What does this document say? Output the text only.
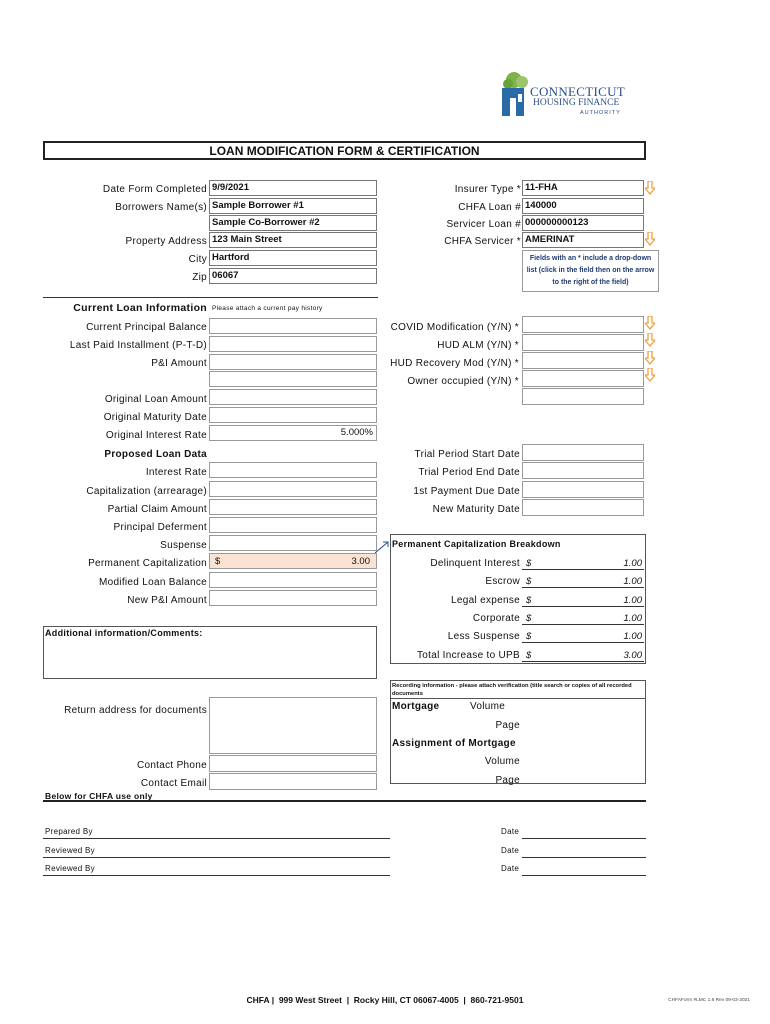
CONNECTICUT
HOUSING FINANCE
AUTHORITY
LOAN MODIFICATION FORM & CERTIFICATION
Date Form Completed 9/9/2021
Borrowers Name(s) Sample Borrower #1
Sample Co-Borrower #2
Property Address 123 Main Street
City Hartford
Zip 06067
Insurer Type * 11-FHA
CHFA Loan # 140000
Servicer Loan # 000000000123
CHFA Servicer * AMERINAT
Fields with an * include a drop-down list (click in the field then on the arrow to the right of the field)
Current Loan Information Please attach a current pay history
Current Principal Balance
Last Paid Installment (P-T-D)
P&I Amount
Original Loan Amount
Original Maturity Date
Original Interest Rate	5.000%
COVID Modification (Y/N) *
HUD ALM (Y/N) *
HUD Recovery Mod (Y/N) *
Owner occupied (Y/N) *
Proposed Loan Data
Interest Rate
Capitalization (arrearage)
Partial Claim Amount
Principal Deferment
Suspense
Permanent Capitalization $	3.00
Modified Loan Balance
New P&I Amount
Trial Period Start Date
Trial Period End Date
1st Payment Due Date
New Maturity Date
Permanent Capitalization Breakdown
Delinquent Interest $	1.00
Escrow $	1.00
Legal expense $	1.00
Corporate $	1.00
Less Suspense $	1.00
Total Increase to UPB $	3.00
Additional information/Comments:
Recording information - please attach verification (title search or copies of all recorded documents
Mortgage	Volume
Page
Assignment of Mortgage
Volume
Page
Return address for documents
Contact Phone
Contact Email
Below for CHFA use only
Prepared By	Date
Reviewed By	Date
Reviewed By	Date
CHFA |  999 West Street  |  Rocky Hill, CT 06067-4005  |  860-721-9501	CHFAForm #LMC 1.6 Rev 09-03-2021
